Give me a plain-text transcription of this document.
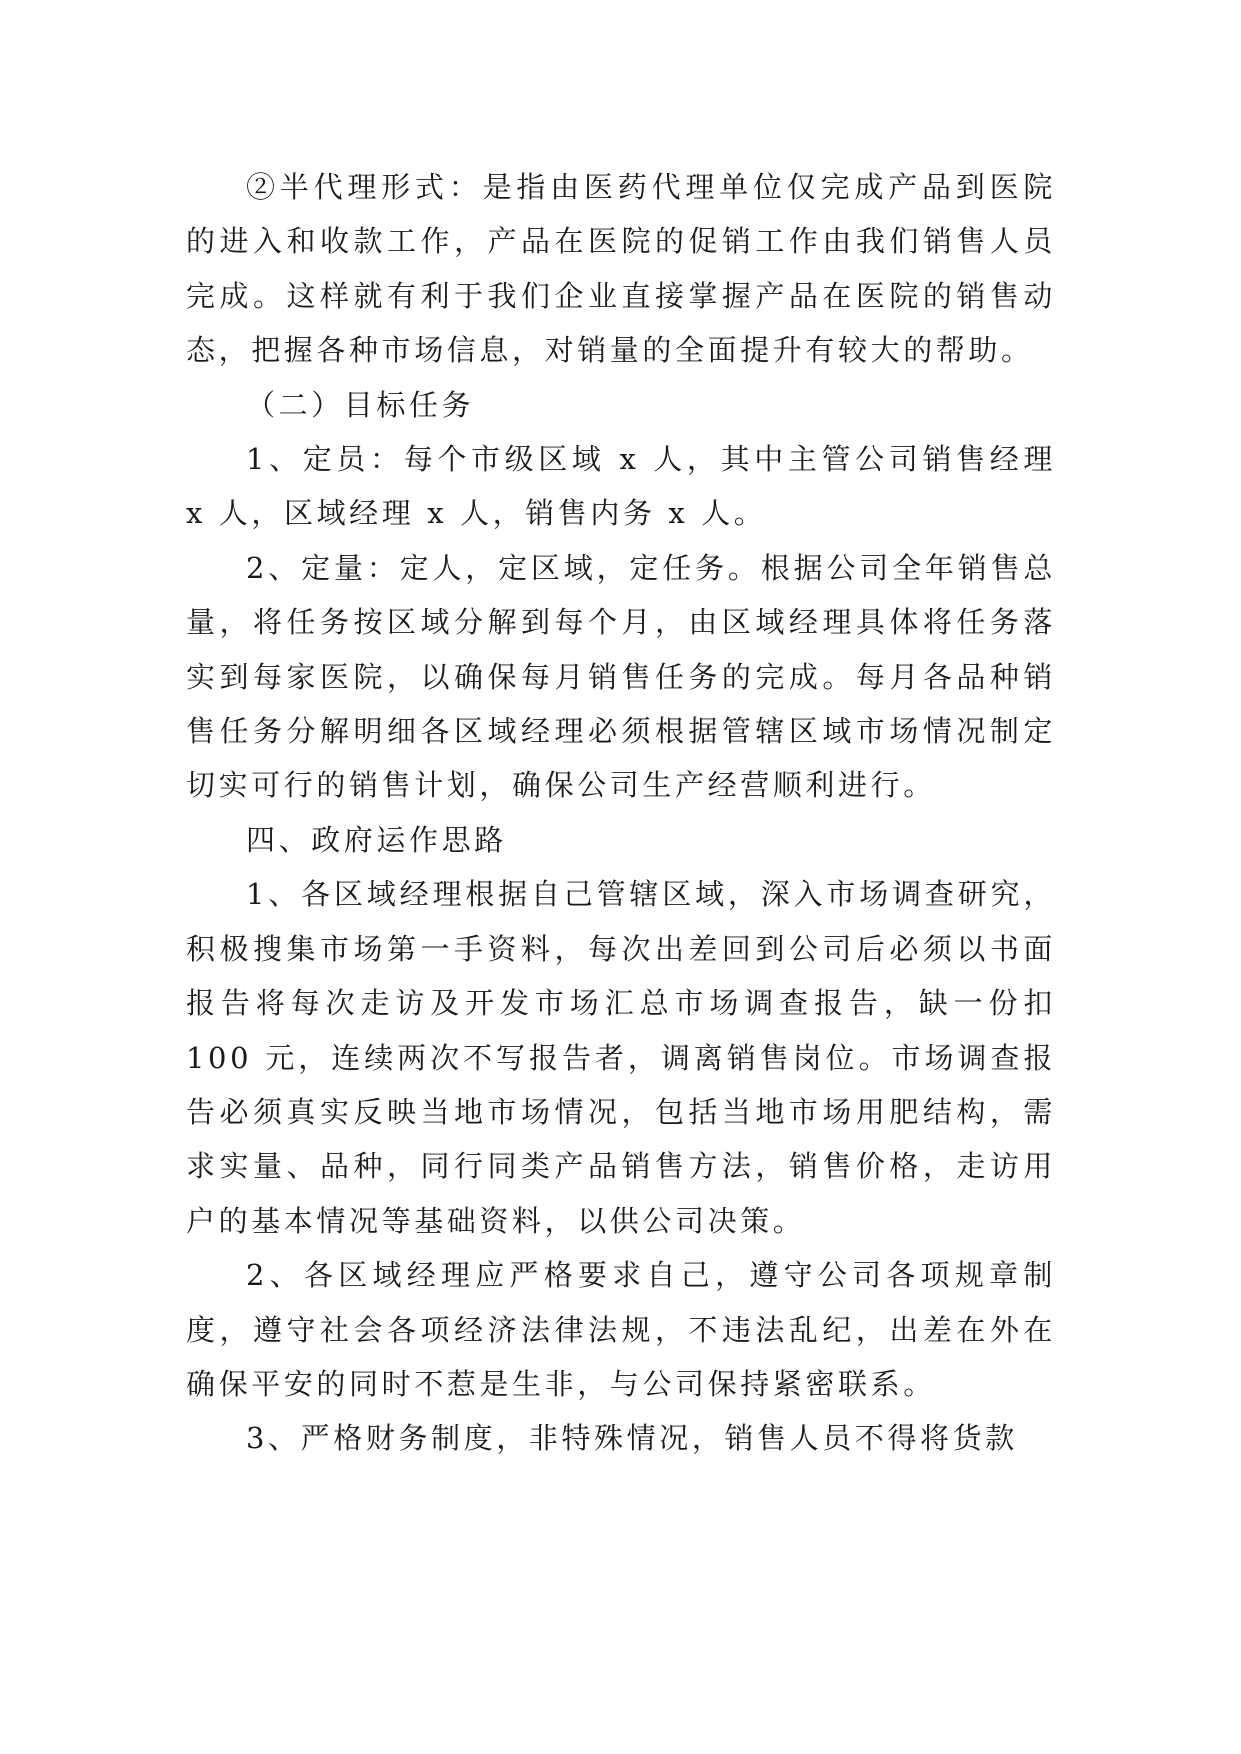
②半代理形式：是指由医药代理单位仅完成产品到医院的进入和收款工作，产品在医院的促销工作由我们销售人员完成。这样就有利于我们企业直接掌握产品在医院的销售动态，把握各种市场信息，对销量的全面提升有较大的帮助。

（二）目标任务

1、定员：每个市级区域 x 人，其中主管公司销售经理 x 人，区域经理 x 人，销售内务 x 人。

2、定量：定人，定区域，定任务。根据公司全年销售总量，将任务按区域分解到每个月，由区域经理具体将任务落实到每家医院，以确保每月销售任务的完成。每月各品种销售任务分解明细各区域经理必须根据管辖区域市场情况制定切实可行的销售计划，确保公司生产经营顺利进行。

四、政府运作思路

1、各区域经理根据自己管辖区域，深入市场调查研究，积极搜集市场第一手资料，每次出差回到公司后必须以书面报告将每次走访及开发市场汇总市场调查报告，缺一份扣 100 元，连续两次不写报告者，调离销售岗位。市场调查报告必须真实反映当地市场情况，包括当地市场用肥结构，需求实量、品种，同行同类产品销售方法，销售价格，走访用户的基本情况等基础资料，以供公司决策。

2、各区域经理应严格要求自己，遵守公司各项规章制度，遵守社会各项经济法律法规，不违法乱纪，出差在外在确保平安的同时不惹是生非，与公司保持紧密联系。

3、严格财务制度，非特殊情况，销售人员不得将货款
